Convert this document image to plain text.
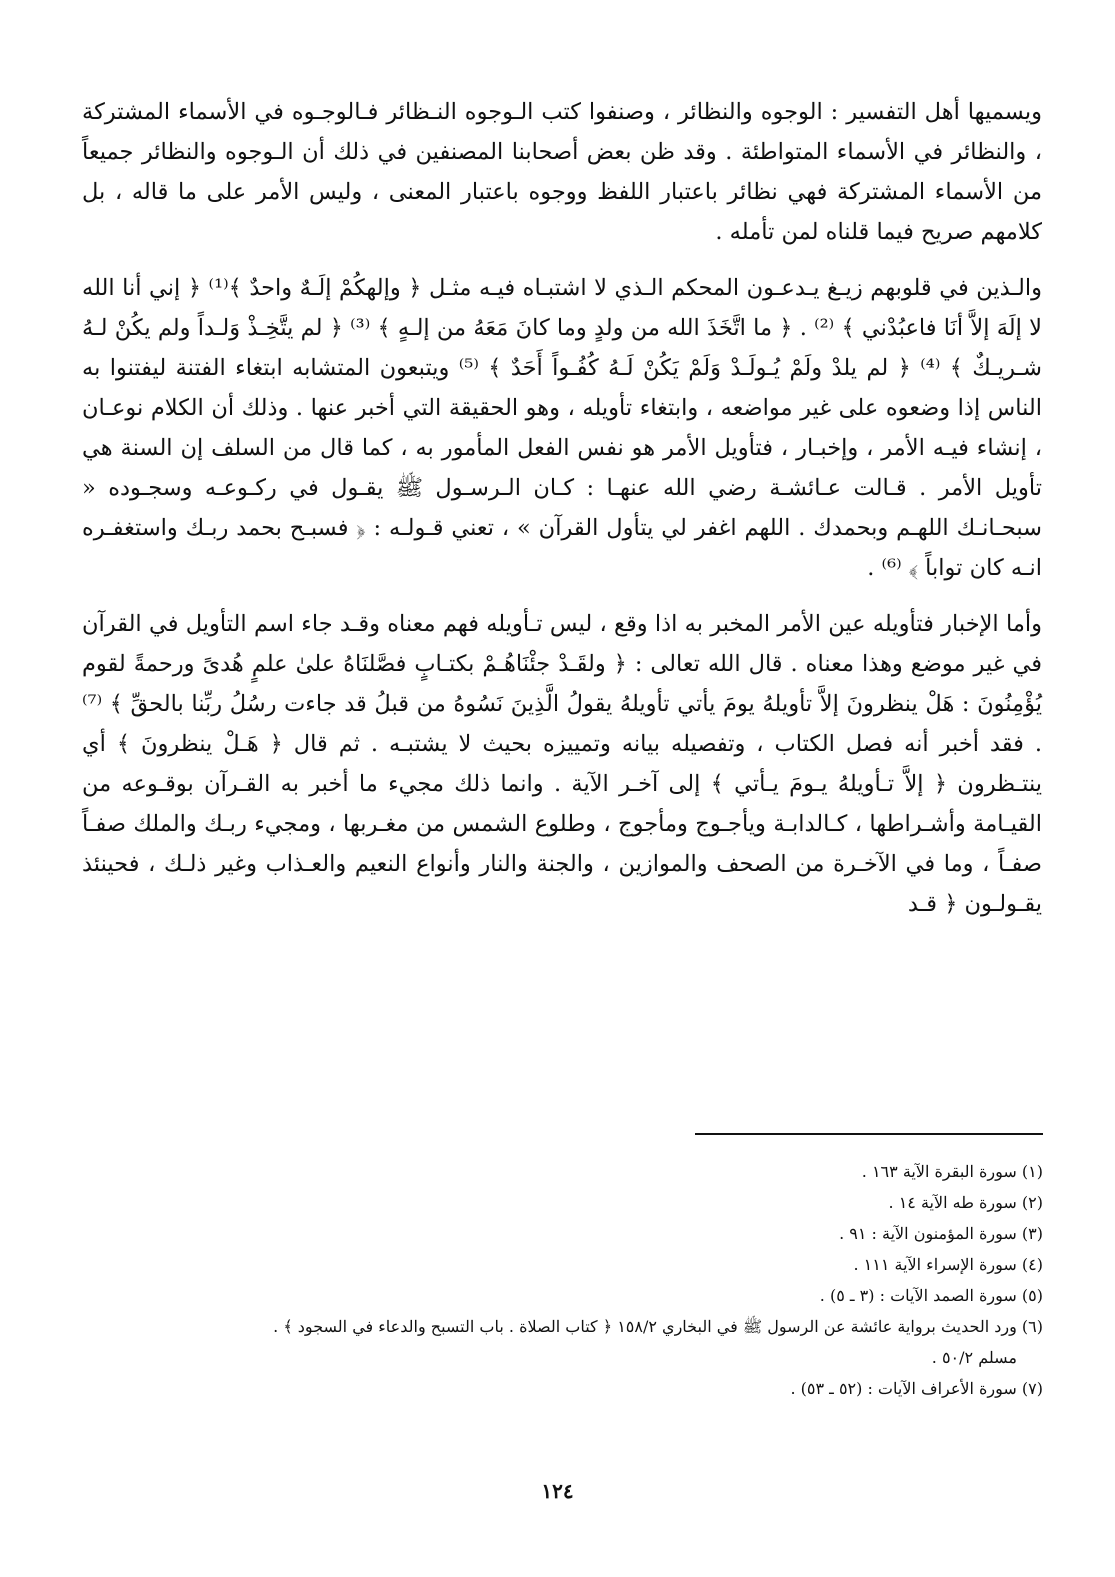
ويسميها أهل التفسير : الوجوه والنظائر ، وصنفوا كتب الـوجوه النـظائر فـالوجـوه في الأسماء المشتركة ، والنظائر في الأسماء المتواطئة . وقد ظن بعض أصحابنا المصنفين في ذلك أن الـوجوه والنظائر جميعاً من الأسماء المشتركة فهي نظائر باعتبار اللفظ ووجوه باعتبار المعنى ، وليس الأمر على ما قاله ، بل كلامهم صريح فيما قلناه لمن تأمله .

والـذين في قلوبهم زيـغ يـدعـون المحكم الـذي لا اشتبـاه فيـه مثـل ﴿ وإلهكُمْ إلَـهٌ واحدٌ ﴾⁽¹⁾ ﴿ إني أنا الله لا إلَهَ إلاَّ أنَا فاعبُدْني ﴾ ⁽²⁾ . ﴿ ما اتَّخَذَ الله من ولدٍ وما كانَ مَعَهُ من إلـهٍ ﴾ ⁽³⁾ ﴿ لم يتَّخِـذْ وَلـداً ولم يكُنْ لـهُ شـريـكٌ ﴾ ⁽⁴⁾ ﴿ لم يلدْ ولَمْ يُـولَـدْ وَلَمْ يَكُنْ لَـهُ كُفُـواً أَحَدٌ ﴾ ⁽⁵⁾ ويتبعون المتشابه ابتغاء الفتنة ليفتنوا به الناس إذا وضعوه على غير مواضعه ، وابتغاء تأويله ، وهو الحقيقة التي أخبر عنها . وذلك أن الكلام نوعـان ، إنشاء فيـه الأمر ، وإخبـار ، فتأويل الأمر هو نفس الفعل المأمور به ، كما قال من السلف إن السنة هي تأويل الأمر . قـالت عـائشـة رضي الله عنهـا : كـان الـرسـول ﷺ يقـول في ركـوعـه وسجـوده « سبحـانـك اللهـم وبحمدك . اللهم اغفر لي يتأول القرآن » ، تعني قـولـه : ﴿ فسبـح بحمد ربـك واستغفـره انـه كان تواباً ﴾ ⁽⁶⁾ .

وأما الإخبار فتأويله عين الأمر المخبر به اذا وقع ، ليس تـأويله فهم معناه وقـد جاء اسم التأويل في القرآن في غير موضع وهذا معناه . قال الله تعالى : ﴿ ولقَـدْ جئْنَاهُـمْ بكتـابٍ فصَّلنَاهُ علىٰ علمٍ هُدىً ورحمةً لقوم يُؤْمِنُونَ : هَلْ ينظرونَ إلاَّ تأويلهُ يومَ يأتي تأويلهُ يقولُ الَّذِينَ نَسُوهُ من قبلُ قد جاءت رسُلُ ربِّنا بالحقِّ ﴾ ⁽⁷⁾ . فقد أخبر أنه فصل الكتاب ، وتفصيله بيانه وتمييزه بحيث لا يشتبـه . ثم قال ﴿ هَـلْ ينظرونَ ﴾ أي ينتـظرون ﴿ إلاَّ تـأويلهُ يـومَ يـأتي ﴾ إلى آخـر الآية . وانما ذلك مجيء ما أخبر به القـرآن بوقـوعه من القيـامة وأشـراطها ، كـالدابـة ويأجـوج ومأجوج ، وطلوع الشمس من مغـربها ، ومجيء ربـك والملك صفـاً صفـاً ، وما في الآخـرة من الصحف والموازين ، والجنة والنار وأنواع النعيم والعـذاب وغير ذلـك ، فحينئذ يقـولـون ﴿ قـد

(١) سورة البقرة الآية ١٦٣ .
(٢) سورة طه الآية ١٤ .
(٣) سورة المؤمنون الآية : ٩١ .
(٤) سورة الإسراء الآية ١١١ .
(٥) سورة الصمد الآيات : (٣ ـ ٥) .
(٦) ورد الحديث برواية عائشة عن الرسول ﷺ في البخاري ١٥٨/٢ ﴿ كتاب الصلاة . باب التسبح والدعاء في السجود ﴾ .
مسلم ٥٠/٢ .
(٧) سورة الأعراف الآيات : (٥٢ ـ ٥٣) .
١٢٤
